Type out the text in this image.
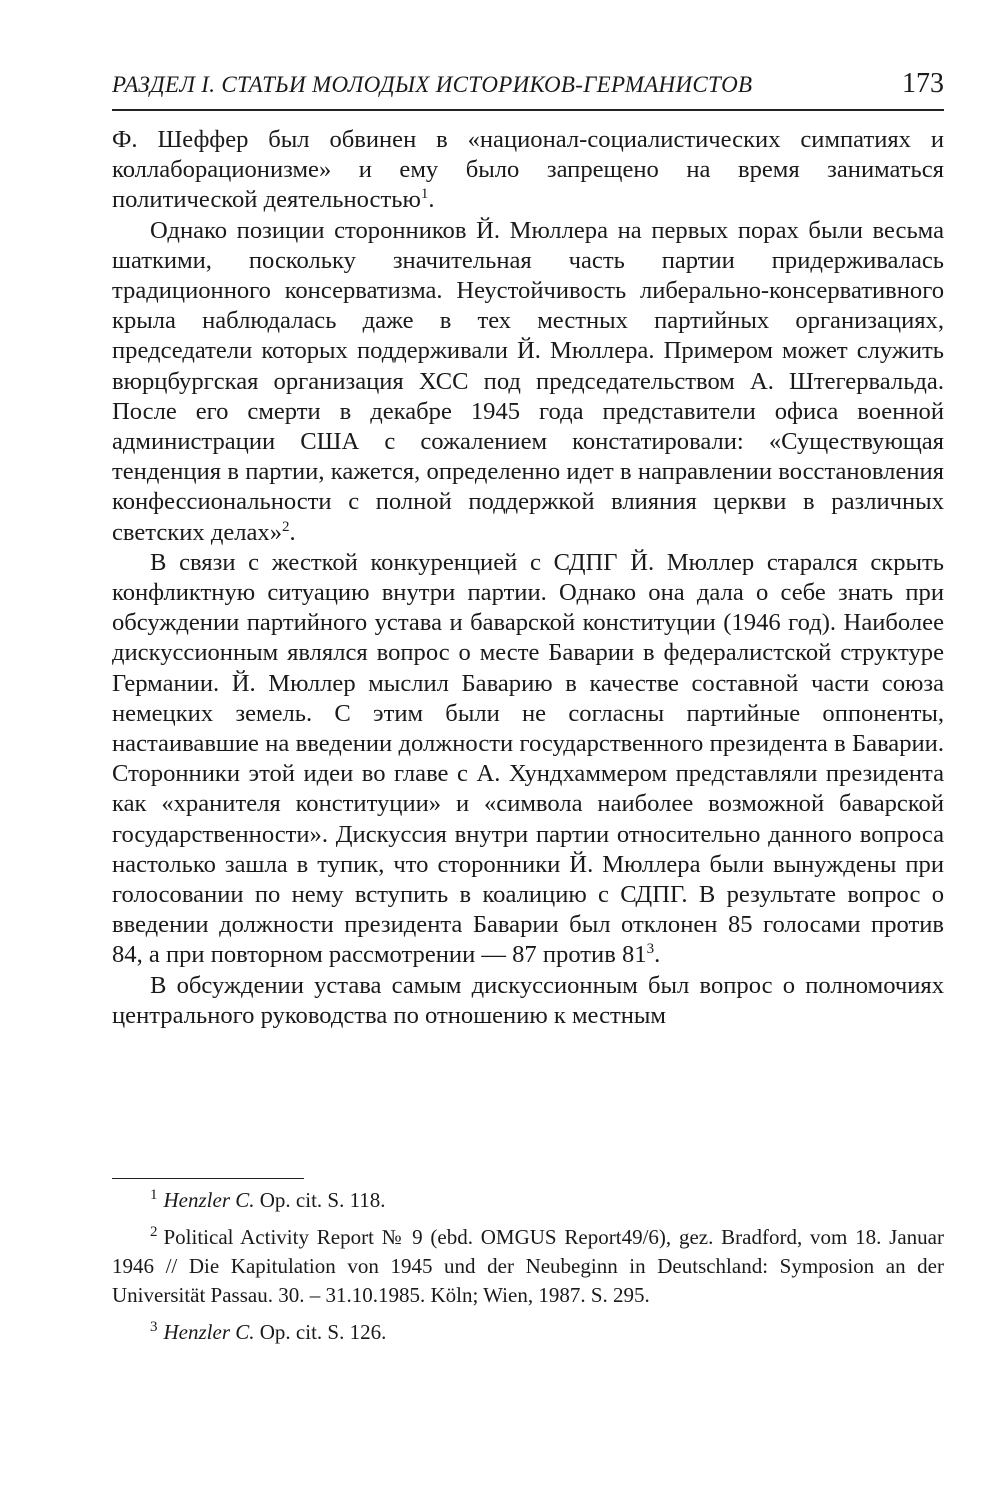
РАЗДЕЛ I. СТАТЬИ МОЛОДЫХ ИСТОРИКОВ-ГЕРМАНИСТОВ	173

Ф. Шеффер был обвинен в «национал-социалистических симпатиях и коллаборационизме» и ему было запрещено на время заниматься политической деятельностью$^1$.

Однако позиции сторонников Й. Мюллера на первых порах были весьма шаткими, поскольку значительная часть партии придерживалась традиционного консерватизма. Неустойчивость либерально-консервативного крыла наблюдалась даже в тех местных партийных организациях, председатели которых поддерживали Й. Мюллера. Примером может служить вюрцбургская организация ХСС под председательством А. Штегервальда. После его смерти в декабре 1945 года представители офиса военной администрации США с сожалением констатировали: «Существующая тенденция в партии, кажется, определенно идет в направлении восстановления конфессиональности с полной поддержкой влияния церкви в различных светских делах»$^2$.

В связи с жесткой конкуренцией с СДПГ Й. Мюллер старался скрыть конфликтную ситуацию внутри партии. Однако она дала о себе знать при обсуждении партийного устава и баварской конституции (1946 год). Наиболее дискуссионным являлся вопрос о месте Баварии в федералистской структуре Германии. Й. Мюллер мыслил Баварию в качестве составной части союза немецких земель. С этим были не согласны партийные оппоненты, настаивавшие на введении должности государственного президента в Баварии. Сторонники этой идеи во главе с А. Хундхаммером представляли президента как «хранителя конституции» и «символа наиболее возможной баварской государственности». Дискуссия внутри партии относительно данного вопроса настолько зашла в тупик, что сторонники Й. Мюллера были вынуждены при голосовании по нему вступить в коалицию с СДПГ. В результате вопрос о введении должности президента Баварии был отклонен 85 голосами против 84, а при повторном рассмотрении — 87 против $81^3$.

В обсуждении устава самым дискуссионным был вопрос о полномочиях центрального руководства по отношению к местным

$^1$ Henzler C. Op. cit. S. 118.

$^2$ Political Activity Report № 9 (ebd. OMGUS Report49/6), gez. Bradford, vom 18. Januar 1946 // Die Kapitulation von 1945 und der Neubeginn in Deutschland: Symposion an der Universität Passau. 30. – 31.10.1985. Köln; Wien, 1987. S. 295.

$^3$ Henzler C. Op. cit. S. 126.
